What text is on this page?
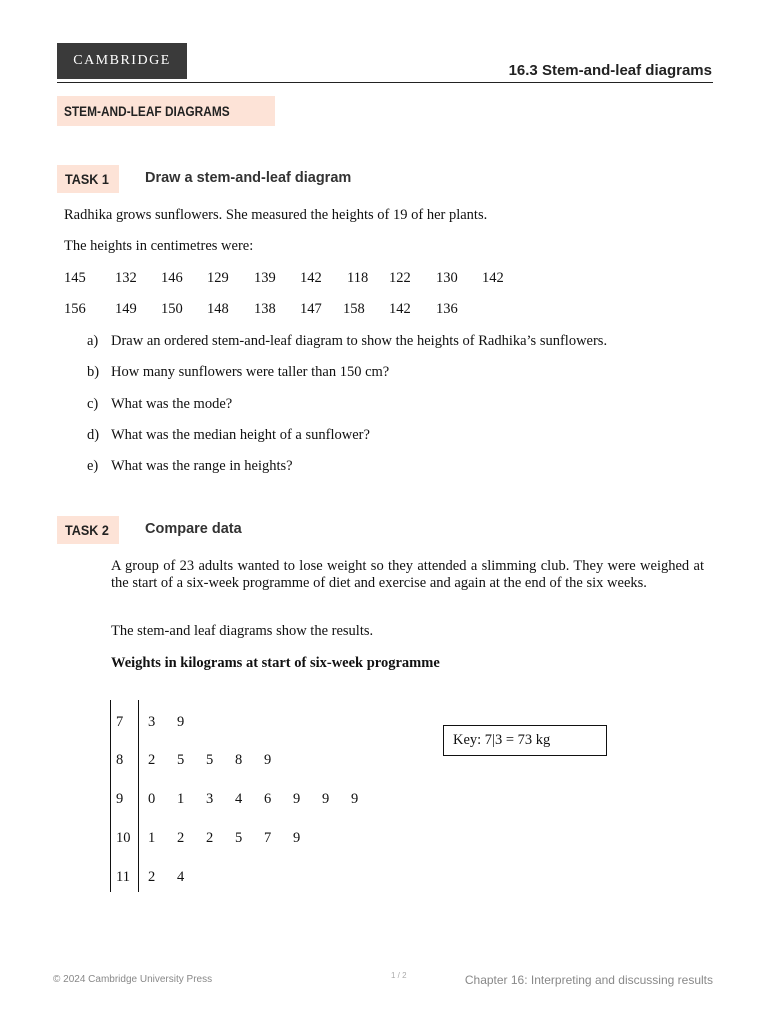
CAMBRIDGE
16.3 Stem-and-leaf diagrams
STEM-AND-LEAF DIAGRAMS
TASK 1 Draw a stem-and-leaf diagram
Radhika grows sunflowers. She measured the heights of 19 of her plants.
The heights in centimetres were:
145 132 146 129 139 142 118 122 130 142
156 149 150 148 138 147 158 142 136
a) Draw an ordered stem-and-leaf diagram to show the heights of Radhika’s sunflowers.
b) How many sunflowers were taller than 150 cm?
c) What was the mode?
d) What was the median height of a sunflower?
e) What was the range in heights?
TASK 2 Compare data
A group of 23 adults wanted to lose weight so they attended a slimming club. They were weighed at the start of a six-week programme of diet and exercise and again at the end of the six weeks.
The stem-and leaf diagrams show the results.
Weights in kilograms at start of six-week programme
7 3 9
8 2 5 5 8 9
9 0 1 3 4 6 9 9 9
10 1 2 2 5 7 9
11 2 4
Key: 7|3 = 73 kg
© 2024 Cambridge University Press	1 / 2	Chapter 16: Interpreting and discussing results
